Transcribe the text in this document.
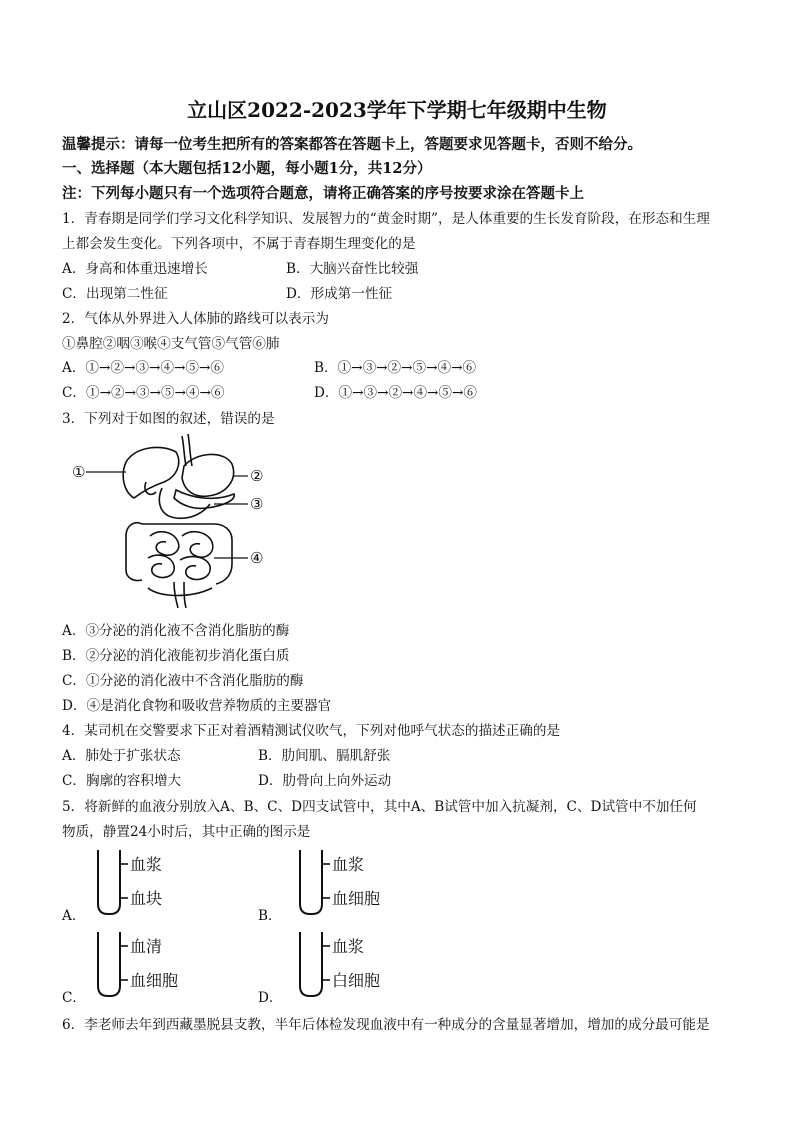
立山区2022-2023学年下学期七年级期中生物
温馨提示：请每一位考生把所有的答案都答在答题卡上，答题要求见答题卡，否则不给分。
一、选择题（本大题包括12小题，每小题1分，共12分）
注：下列每小题只有一个选项符合题意，请将正确答案的序号按要求涂在答题卡上
1．青春期是同学们学习文化科学知识、发展智力的“黄金时期”，是人体重要的生长发育阶段，在形态和生理
上都会发生变化。下列各项中，不属于青春期生理变化的是
A．身高和体重迅速增长	B．大脑兴奋性比较强
C．出现第二性征	D．形成第一性征
2．气体从外界进入人体肺的路线可以表示为
①鼻腔②咽③喉④支气管⑤气管⑥肺
A．①→②→③→④→⑤→⑥	B．①→③→②→⑤→④→⑥
C．①→②→③→⑤→④→⑥	D．①→③→②→④→⑤→⑥
3．下列对于如图的叙述，错误的是
①	②
③
④
A．③分泌的消化液不含消化脂肪的酶
B．②分泌的消化液能初步消化蛋白质
C．①分泌的消化液中不含消化脂肪的酶
D．④是消化食物和吸收营养物质的主要器官
4．某司机在交警要求下正对着酒精测试仪吹气，下列对他呼气状态的描述正确的是
A．肺处于扩张状态	B．肋间肌、膈肌舒张
C．胸廓的容积增大	D．肋骨向上向外运动
5．将新鲜的血液分别放入A、B、C、D四支试管中，其中A、B试管中加入抗凝剂，C、D试管中不加任何
物质，静置24小时后，其中正确的图示是
A．
血浆
血块
B．
血浆
血细胞
C．
血清
血细胞
D．
血浆
白细胞
6．李老师去年到西藏墨脱县支教，半年后体检发现血液中有一种成分的含量显著增加，增加的成分最可能是
